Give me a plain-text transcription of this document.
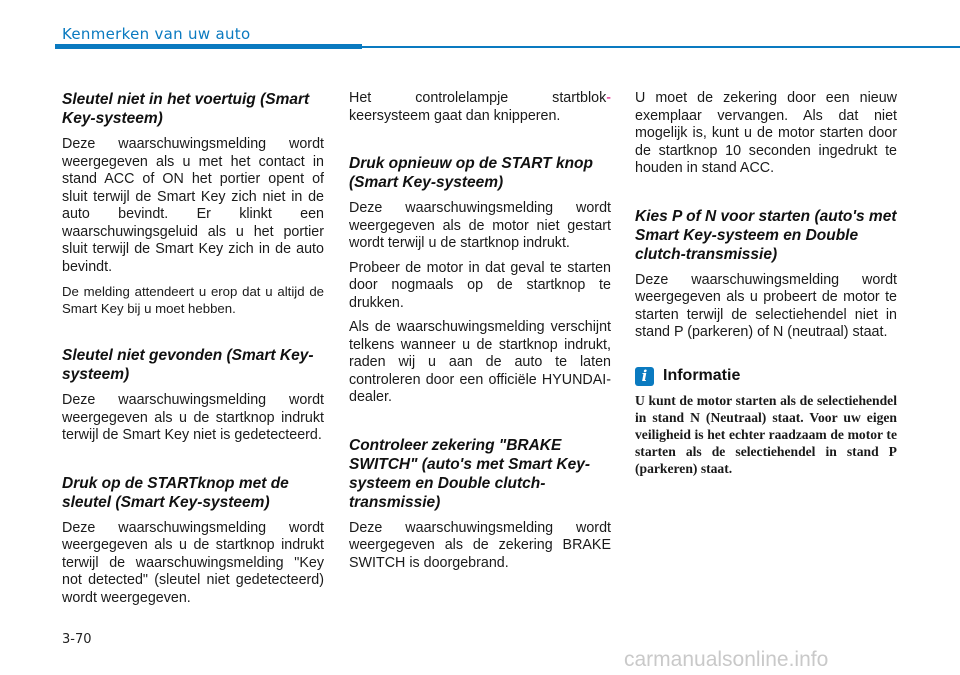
Kenmerken van uw auto
Sleutel niet in het voertuig (Smart Key-systeem)

Deze waarschuwingsmelding wordt weergegeven als u met het contact in stand ACC of ON het portier opent of sluit terwijl de Smart Key zich niet in de auto bevindt. Er klinkt een waarschuwingsgeluid als u het portier sluit terwijl de Smart Key zich in de auto bevindt.

De melding attendeert u erop dat u altijd de Smart Key bij u moet hebben.

Sleutel niet gevonden (Smart Key-systeem)

Deze waarschuwingsmelding wordt weergegeven als u de startknop indrukt terwijl de Smart Key niet is gedetecteerd.

Druk op de STARTknop met de sleutel (Smart Key-systeem)

Deze waarschuwingsmelding wordt weergegeven als u de startknop indrukt terwijl de waarschuwingsmelding "Key not detected" (sleutel niet gedetecteerd) wordt weergegeven.

Het controlelampje startblok- keersysteem gaat dan knipperen.

Druk opnieuw op de START knop (Smart Key-systeem)

Deze waarschuwingsmelding wordt weergegeven als de motor niet gestart wordt terwijl u de startknop indrukt.

Probeer de motor in dat geval te starten door nogmaals op de startknop te drukken.

Als de waarschuwingsmelding verschijnt telkens wanneer u de startknop indrukt, raden wij u aan de auto te laten controleren door een officiële HYUNDAI-dealer.

Controleer zekering "BRAKE SWITCH" (auto's met Smart Key-systeem en Double clutch-transmissie)

Deze waarschuwingsmelding wordt weergegeven als de zekering BRAKE SWITCH is doorgebrand.

U moet de zekering door een nieuw exemplaar vervangen. Als dat niet mogelijk is, kunt u de motor starten door de startknop 10 seconden ingedrukt te houden in stand ACC.

Kies P of N voor starten (auto's met Smart Key-systeem en Double clutch-transmissie)

Deze waarschuwingsmelding wordt weergegeven als u probeert de motor te starten terwijl de selectiehendel niet in stand P (parkeren) of N (neutraal) staat.

i Informatie

U kunt de motor starten als de selectiehendel in stand N (Neutraal) staat. Voor uw eigen veiligheid is het echter raadzaam de motor te starten als de selectiehendel in stand P (parkeren) staat.

3-70
carmanualsonline.info
